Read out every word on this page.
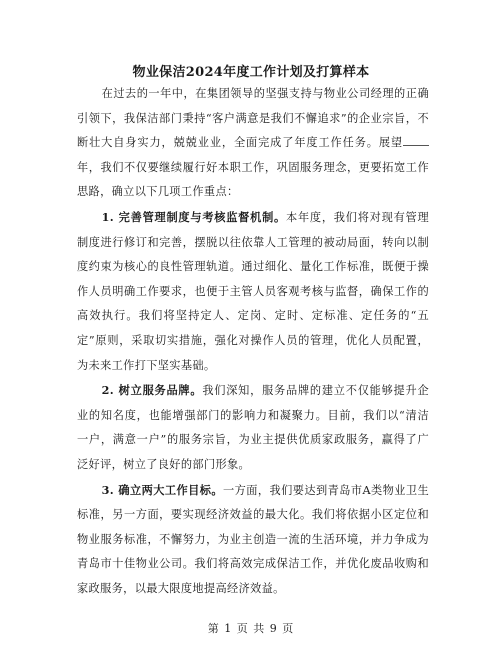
物业保洁2024年度工作计划及打算样本

在过去的一年中，在集团领导的坚强支持与物业公司经理的正确引领下，我保洁部门秉持“客户满意是我们不懈追求”的企业宗旨，不断壮大自身实力，兢兢业业，全面完成了年度工作任务。展望年，我们不仅要继续履行好本职工作，巩固服务理念，更要拓宽工作思路，确立以下几项工作重点：

1. 完善管理制度与考核监督机制。本年度，我们将对现有管理制度进行修订和完善，摆脱以往依靠人工管理的被动局面，转向以制度约束为核心的良性管理轨道。通过细化、量化工作标准，既便于操作人员明确工作要求，也便于主管人员客观考核与监督，确保工作的高效执行。我们将坚持定人、定岗、定时、定标准、定任务的“五定”原则，采取切实措施，强化对操作人员的管理，优化人员配置，为未来工作打下坚实基础。

2. 树立服务品牌。我们深知，服务品牌的建立不仅能够提升企业的知名度，也能增强部门的影响力和凝聚力。目前，我们以“清洁一户，满意一户”的服务宗旨，为业主提供优质家政服务，赢得了广泛好评，树立了良好的部门形象。

3. 确立两大工作目标。一方面，我们要达到青岛市A类物业卫生标准，另一方面，要实现经济效益的最大化。我们将依据小区定位和物业服务标准，不懈努力，为业主创造一流的生活环境，并力争成为青岛市十佳物业公司。我们将高效完成保洁工作，并优化废品收购和家政服务，以最大限度地提高经济效益。

第 1 页 共 9 页
